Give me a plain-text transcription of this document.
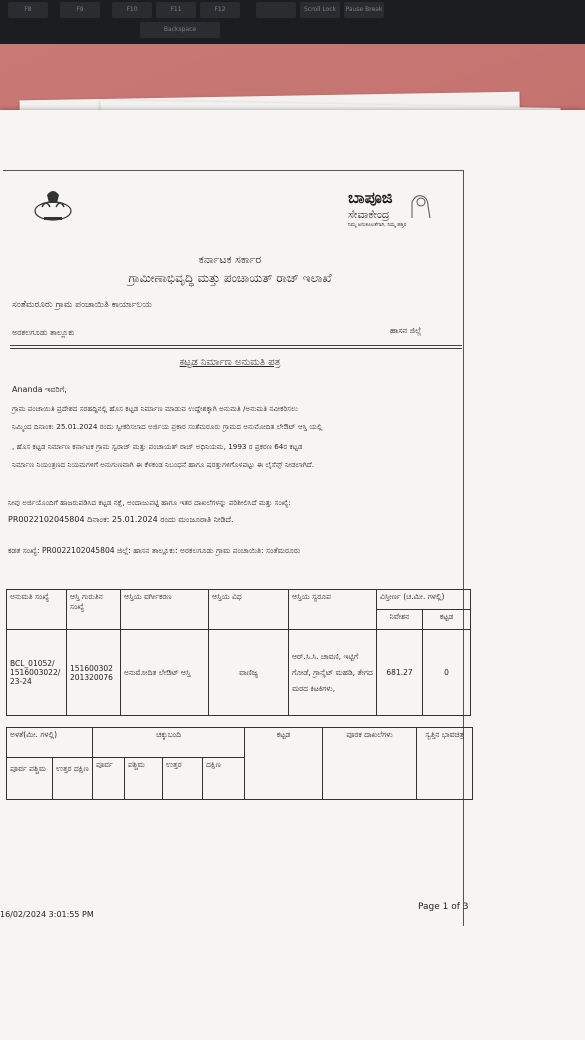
F8	F9	F10	F11	F12	Scroll Lock	Pause Break
Backspace
ಬಾಪೂಜಿ
ಸೇವಾಕೇಂದ್ರ
ನಿಮ್ಮ ಅನುಕೂಲತೆಗಾಗಿ, ನಿಮ್ಮ ಹತ್ತಿರ
ಕರ್ನಾಟಕ ಸರ್ಕಾರ
ಗ್ರಾಮೀಣಾಭಿವೃದ್ಧಿ ಮತ್ತು ಪಂಚಾಯತ್ ರಾಜ್ ಇಲಾಖೆ
ಸಂತೆಮರೂರು ಗ್ರಾಮ ಪಂಚಾಯಿತಿ ಕಾರ್ಯಾಲಯ
ಅರಕಲಗೂಡು ತಾಲ್ಲೂಕು	ಹಾಸನ ಜಿಲ್ಲೆ
ಕಟ್ಟಡ ನಿರ್ಮಾಣ ಅನುಮತಿ ಪತ್ರ
Ananda ಇವರಿಗೆ,
ಗ್ರಾಮ ಪಂಚಾಯಿತಿ ಪ್ರದೇಶದ ಸರಹದ್ದಿನಲ್ಲಿ ಹೊಸ ಕಟ್ಟಡ ನಿರ್ಮಾಣ ಮಾಡುವ ಉದ್ದೇಶಕ್ಕಾಗಿ ಅನುಮತಿ /ಅನುಮತಿ ನವೀಕರಿಸಲು
ನಿಮ್ಮಿಂದ ದಿನಾಂಕ: 25.01.2024 ರಂದು ಸ್ವೀಕರಿಸಲಾದ ಅರ್ಜಿಯ ಪ್ರಕಾರ ಸಂತೆಮರೂರು ಗ್ರಾಮದ ಅನುಮೋದಿತ ಲೇಔಟ್ ಆಸ್ತಿ ಯಲ್ಲಿ
, ಹೊಸ ಕಟ್ಟಡ ನಿರ್ಮಾಣ ಕರ್ನಾಟಕ ಗ್ರಾಮ ಸ್ವರಾಜ್ ಮತ್ತು ಪಂಚಾಯತ್ ರಾಜ್ ಅಧಿನಿಯಮ, 1993 ರ ಪ್ರಕರಣ 64ರ ಕಟ್ಟಡ
ನಿರ್ಮಾಣ ನಿಯಂತ್ರಣದ ನಿಯಮಗಳಿಗೆ ಅನುಗುಣವಾಗಿ ಈ ಕೆಳಕಂಡ ನಿಬಂಧನೆ ಹಾಗೂ ಷರತ್ತುಗಳಿಗೊಳಪಟ್ಟು ಈ ಲೈಸೆನ್ಸ್ ನೀಡಲಾಗಿದೆ.
ನೀವು ಅರ್ಜಿಯೊಂದಿಗೆ ಹಾಜರುಪಡಿಸಿದ ಕಟ್ಟಡ ನಕ್ಷೆ, ಅಂದಾಜುಪಟ್ಟಿ ಹಾಗೂ ಇತರ ದಾಖಲೆಗಳನ್ನು ಪರಿಶೀಲಿಸಿದೆ ಮತ್ತು ಸಂಖ್ಯೆ:
PR0022102045804 ದಿನಾಂಕ: 25.01.2024 ರಂದು ಮಂಜೂರಾತಿ ನೀಡಿದೆ.
ಕಡತ ಸಂಖ್ಯೆ: PR0022102045804 ಜಿಲ್ಲೆ: ಹಾಸನ ತಾಲ್ಲೂಕು: ಅರಕಲಗೂಡು ಗ್ರಾಮ ಪಂಚಾಯಿತಿ: ಸಂತೆಮರೂರು
ಅನುಮತಿ ಸಂಖ್ಯೆ	ಆಸ್ತಿ ಗುರುತಿನ ಸಂಖ್ಯೆ	ಆಸ್ತಿಯ ವರ್ಗೀಕರಣ	ಆಸ್ತಿಯ ವಿಧ	ಆಸ್ತಿಯ ಸ್ವರೂಪ	ವಿಸ್ತೀರ್ಣ (ಚ.ಮೀ. ಗಳಲ್ಲಿ)	
					ನಿವೇಶನ	ಕಟ್ಟಡ
BCL_01052/ 1516003022/ 23-24	151600302 201320076	ಅನುಮೋದಿತ ಲೇಔಟ್ ಆಸ್ತಿ	ವಾಣಿಜ್ಯ	ಆರ್.ಸಿ.ಸಿ. ಚಾವಣಿ, ಇಟ್ಟಿಗೆ ಗೋಡೆ, ಗ್ರಾನೈಟ್ ಮಹಡಿ, ತೇಗದ ಮರದ ಕಿಟಕಿಗಳು,	681.27	0
ಅಳತೆ(ಮೀ. ಗಳಲ್ಲಿ)		ಚಕ್ಕುಬಂದಿ				ಕಟ್ಟಡ	ಪೂರಕ ದಾಖಲೆಗಳು	ಸ್ವತ್ತಿನ ಭಾವಚಿತ್ರ
ಪೂರ್ವ ಪಶ್ಚಿಮ	ಉತ್ತರ ದಕ್ಷಿಣ	ಪೂರ್ವ	ಪಶ್ಚಿಮ	ಉತ್ತರ	ದಕ್ಷಿಣ			
Page 1 of 3
16/02/2024 3:01:55 PM
